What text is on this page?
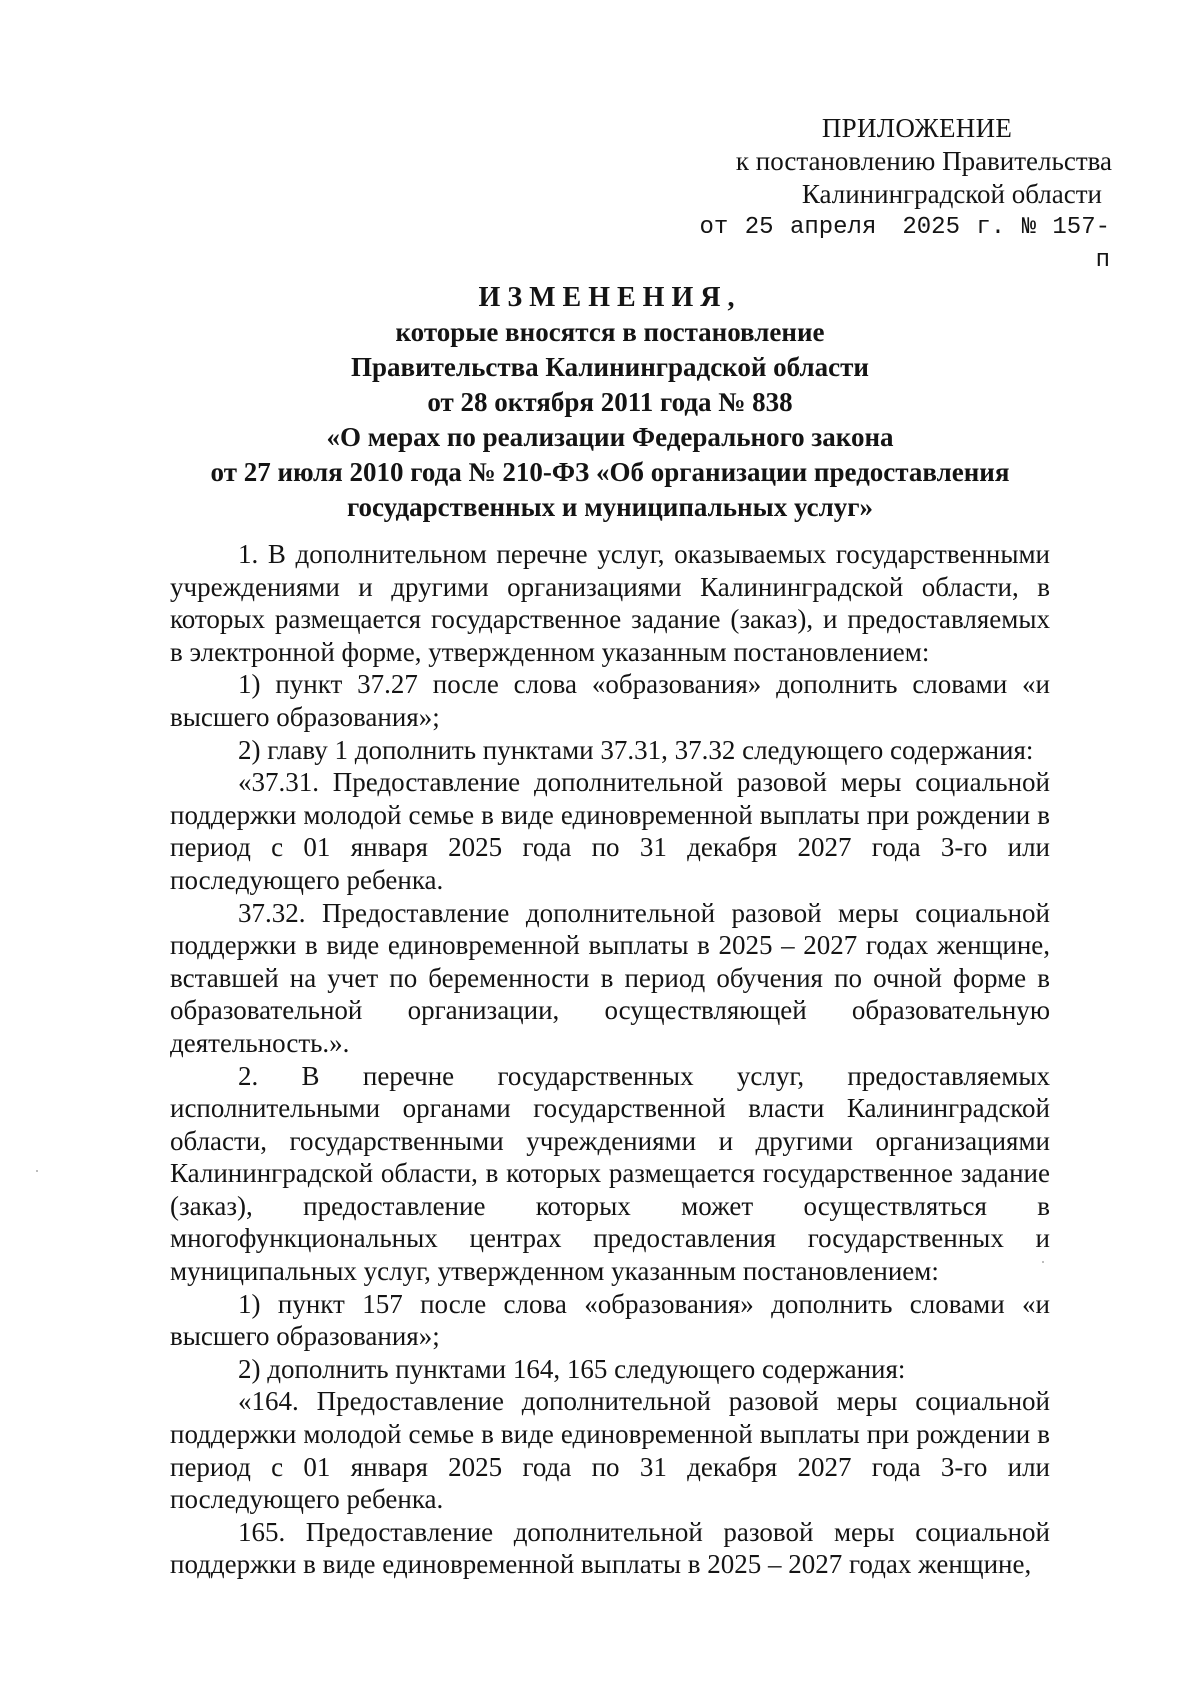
ПРИЛОЖЕНИЕ
к постановлению Правительства
Калининградской области
от 25 апреля 2025 г. № 157-п
ИЗМЕНЕНИЯ,
которые вносятся в постановление
Правительства Калининградской области
от 28 октября 2011 года № 838
«О мерах по реализации Федерального закона
от 27 июля 2010 года № 210-ФЗ «Об организации предоставления
государственных и муниципальных услуг»

1. В дополнительном перечне услуг, оказываемых государственными учреждениями и другими организациями Калининградской области, в которых размещается государственное задание (заказ), и предоставляемых в электронной форме, утвержденном указанным постановлением:

1) пункт 37.27 после слова «образования» дополнить словами «и высшего образования»;

2) главу 1 дополнить пунктами 37.31, 37.32 следующего содержания:

«37.31. Предоставление дополнительной разовой меры социальной поддержки молодой семье в виде единовременной выплаты при рождении в период с 01 января 2025 года по 31 декабря 2027 года 3-го или последующего ребенка.

37.32. Предоставление дополнительной разовой меры социальной поддержки в виде единовременной выплаты в 2025 – 2027 годах женщине, вставшей на учет по беременности в период обучения по очной форме в образовательной организации, осуществляющей образовательную деятельность.».

2. В перечне государственных услуг, предоставляемых исполнительными органами государственной власти Калининградской области, государственными учреждениями и другими организациями Калининградской области, в которых размещается государственное задание (заказ), предоставление которых может осуществляться в многофункциональных центрах предоставления государственных и муниципальных услуг, утвержденном указанным постановлением:

1) пункт 157 после слова «образования» дополнить словами «и высшего образования»;

2) дополнить пунктами 164, 165 следующего содержания:

«164. Предоставление дополнительной разовой меры социальной поддержки молодой семье в виде единовременной выплаты при рождении в период с 01 января 2025 года по 31 декабря 2027 года 3-го или последующего ребенка.

165. Предоставление дополнительной разовой меры социальной поддержки в виде единовременной выплаты в 2025 – 2027 годах женщине,
